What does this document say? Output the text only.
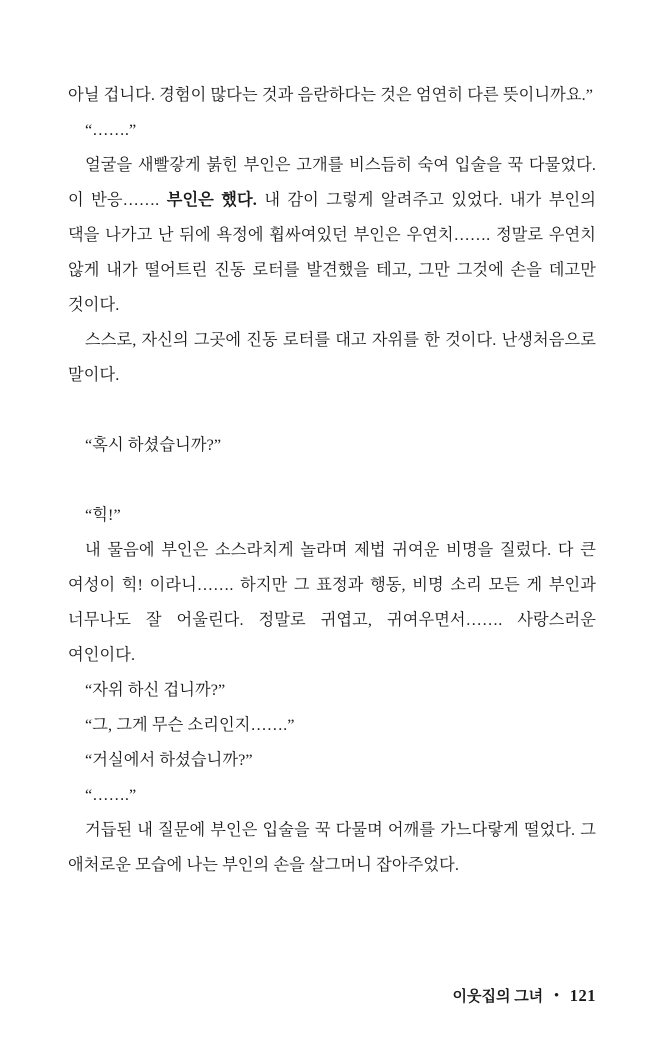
아닐 겁니다. 경험이 많다는 것과 음란하다는 것은 엄연히 다른 뜻이니까요.”

“…….”

얼굴을 새빨갛게 붉힌 부인은 고개를 비스듬히 숙여 입술을 꾹 다물었다. 이 반응……. 부인은 했다. 내 감이 그렇게 알려주고 있었다. 내가 부인의 댁을 나가고 난 뒤에 욕정에 휩싸여있던 부인은 우연치……. 정말로 우연치 않게 내가 떨어트린 진동 로터를 발견했을 테고, 그만 그것에 손을 데고만 것이다.

스스로, 자신의 그곳에 진동 로터를 대고 자위를 한 것이다. 난생처음으로 말이다.

“혹시 하셨습니까?”

“힉!”

내 물음에 부인은 소스라치게 놀라며 제법 귀여운 비명을 질렀다. 다 큰 여성이 힉! 이라니……. 하지만 그 표정과 행동, 비명 소리 모든 게 부인과 너무나도 잘 어울린다. 정말로 귀엽고, 귀여우면서……. 사랑스러운 여인이다.

“자위 하신 겁니까?”

“그, 그게 무슨 소리인지…….”

“거실에서 하셨습니까?”

“…….”

거듭된 내 질문에 부인은 입술을 꾹 다물며 어깨를 가느다랗게 떨었다. 그 애처로운 모습에 나는 부인의 손을 살그머니 잡아주었다.

이웃집의 그녀 • 121
